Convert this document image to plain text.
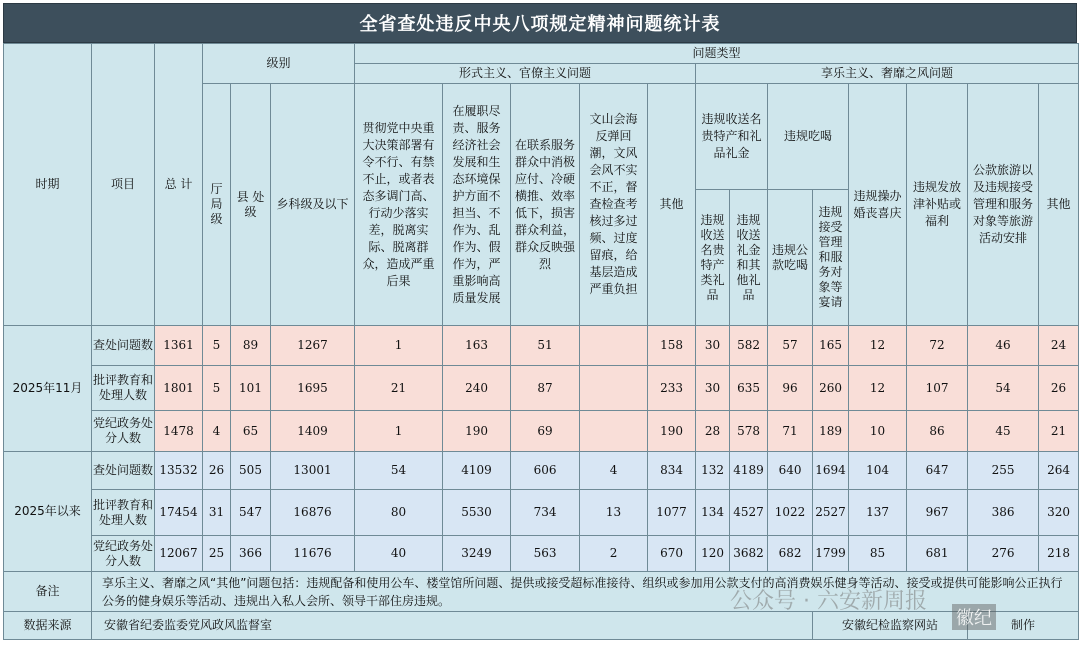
全省查处违反中央八项规定精神问题统计表
时期	项目	总 计	级别			问题类型												
						形式主义、官僚主义问题					享乐主义、奢靡之风问题							
			厅局级	县 处 级	乡科级及以下	贯彻党中央重大决策部署有令不行、有禁不止，或者表态多调门高、行动少落实差，脱离实际、脱离群众，造成严重后果	在履职尽责、服务经济社会发展和生态环境保护方面不担当、不作为、乱作为、假作为，严重影响高质量发展	在联系服务群众中消极应付、冷硬横推、效率低下，损害群众利益，群众反映强烈	文山会海反弹回潮，文风会风不实不正，督查检查考核过多过频、过度留痕，给基层造成严重负担	其他	违规收送名贵特产和礼品礼金		违规吃喝		违规操办婚丧喜庆	违规发放津补贴或福利	公款旅游以及违规接受管理和服务对象等旅游活动安排	其他
											违规收送名贵特产类礼品	违规收送礼金和其他礼品	违规公款吃喝	违规接受管理和服务对象等宴请				

2025年11月	查处问题数	1361	5	89	1267	1	163	51		158	30	582	57	165	12	72	46	24
	批评教育和处理人数	1801	5	101	1695	21	240	87		233	30	635	96	260	12	107	54	26
	党纪政务处分人数	1478	4	65	1409	1	190	69		190	28	578	71	189	10	86	45	21
2025年以来	查处问题数	13532	26	505	13001	54	4109	606	4	834	132	4189	640	1694	104	647	255	264
	批评教育和处理人数	17454	31	547	16876	80	5530	734	13	1077	134	4527	1022	2527	137	967	386	320
	党纪政务处分人数	12067	25	366	11676	40	3249	563	2	670	120	3682	682	1799	85	681	276	218
备注	享乐主义、奢靡之风“其他”问题包括：违规配备和使用公车、楼堂馆所问题、提供或接受超标准接待、组织或参加用公款支付的高消费娱乐健身等活动、接受或提供可能影响公正执行公务的健身娱乐等活动、违规出入私人会所、领导干部住房违规。																	
数据来源	安徽省纪委监委党风政风监督室													安徽纪检监察网站			制作	
公众号 · 六安新周报
徽纪
